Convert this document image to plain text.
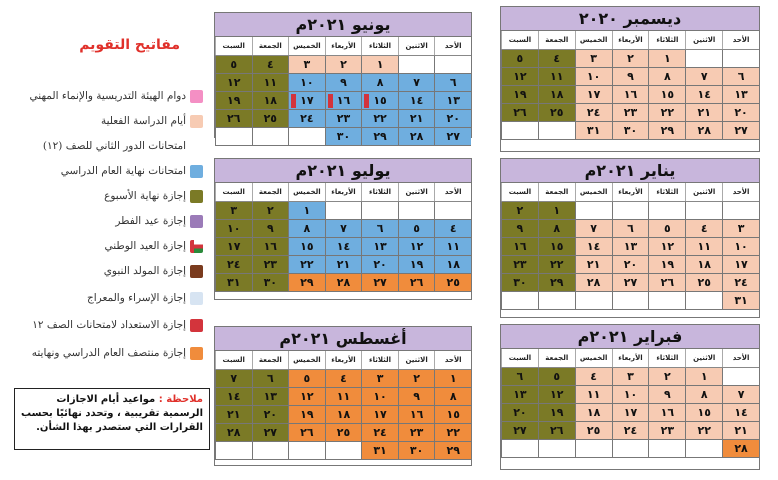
مفاتيح التقويم
دوام الهيئة التدريسية والإنماء المهني
أيام الدراسة الفعلية
امتحانات الدور الثاني للصف (١٢)
امتحانات نهاية العام الدراسي
إجازة نهاية الأسبوع
إجازة عيد الفطر
إجازة العيد الوطني
إجازة المولد النبوي
إجازة الإسراء والمعراج
إجازة الاستعداد لامتحانات الصف ١٢
إجازة منتصف العام الدراسي ونهايته
ملاحظة : مواعيد أيام الاجازات الرسمية تقريبية ، وتحدد نهائيًا بحسب القرارات التي ستصدر بهذا الشأن.
ديسمبر ٢٠٢٠
الأحد
الاثنين
الثلاثاء
الأربعاء
الخميس
الجمعة
السبت
١
٢
٣
٤
٥
٦
٧
٨
٩
١٠
١١
١٢
١٣
١٤
١٥
١٦
١٧
١٨
١٩
٢٠
٢١
٢٢
٢٣
٢٤
٢٥
٢٦
٢٧
٢٨
٢٩
٣٠
٣١
يناير ٢٠٢١م
الأحد
الاثنين
الثلاثاء
الأربعاء
الخميس
الجمعة
السبت
١
٢
٣
٤
٥
٦
٧
٨
٩
١٠
١١
١٢
١٣
١٤
١٥
١٦
١٧
١٨
١٩
٢٠
٢١
٢٢
٢٣
٢٤
٢٥
٢٦
٢٧
٢٨
٢٩
٣٠
٣١
فبراير ٢٠٢١م
الأحد
الاثنين
الثلاثاء
الأربعاء
الخميس
الجمعة
السبت
١
٢
٣
٤
٥
٦
٧
٨
٩
١٠
١١
١٢
١٣
١٤
١٥
١٦
١٧
١٨
١٩
٢٠
٢١
٢٢
٢٣
٢٤
٢٥
٢٦
٢٧
٢٨
يونيو ٢٠٢١م
الأحد
الاثنين
الثلاثاء
الأربعاء
الخميس
الجمعة
السبت
١
٢
٣
٤
٥
٦
٧
٨
٩
١٠
١١
١٢
١٣
١٤
١٥
١٦
١٧
١٨
١٩
٢٠
٢١
٢٢
٢٣
٢٤
٢٥
٢٦
٢٧
٢٨
٢٩
٣٠
يوليو ٢٠٢١م
الأحد
الاثنين
الثلاثاء
الأربعاء
الخميس
الجمعة
السبت
١
٢
٣
٤
٥
٦
٧
٨
٩
١٠
١١
١٢
١٣
١٤
١٥
١٦
١٧
١٨
١٩
٢٠
٢١
٢٢
٢٣
٢٤
٢٥
٢٦
٢٧
٢٨
٢٩
٣٠
٣١
أغسطس ٢٠٢١م
الأحد
الاثنين
الثلاثاء
الأربعاء
الخميس
الجمعة
السبت
١
٢
٣
٤
٥
٦
٧
٨
٩
١٠
١١
١٢
١٣
١٤
١٥
١٦
١٧
١٨
١٩
٢٠
٢١
٢٢
٢٣
٢٤
٢٥
٢٦
٢٧
٢٨
٢٩
٣٠
٣١
